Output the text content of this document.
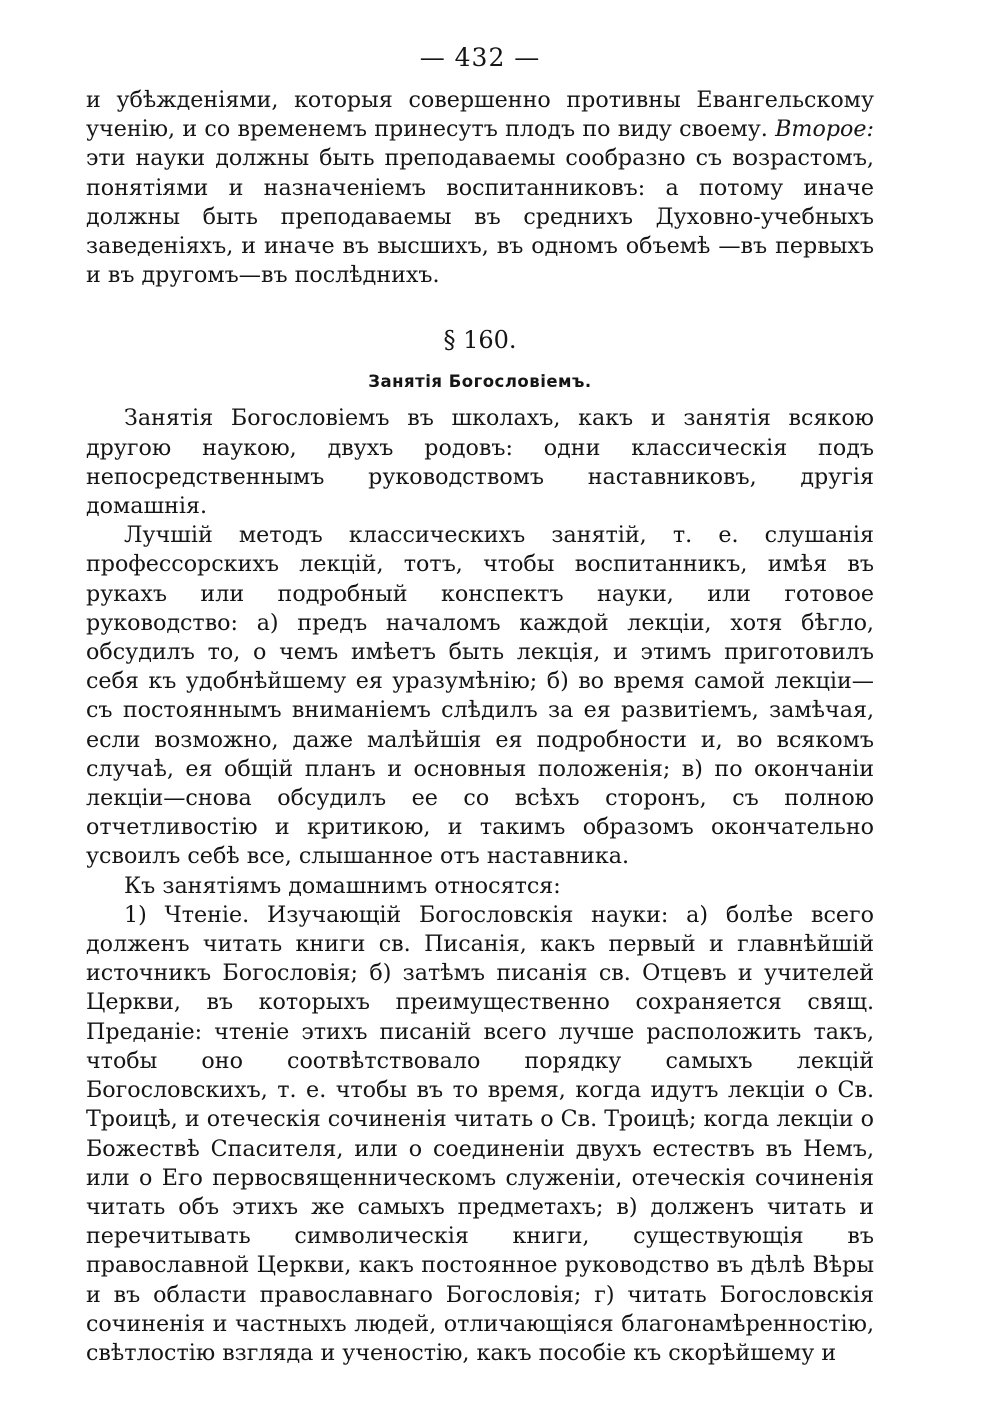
— 432 —

и убѣжденіями, которыя совершенно противны Евангельскому ученію, и со временемъ принесутъ плодъ по виду своему. Второе: эти науки должны быть преподаваемы сообразно съ возрастомъ, понятіями и назначеніемъ воспитанниковъ: а потому иначе должны быть преподаваемы въ среднихъ Духовно-учебныхъ заведеніяхъ, и иначе въ высшихъ, въ одномъ объемѣ —въ первыхъ и въ другомъ—въ послѣднихъ.

§ 160.
Занятія Богословіемъ.

Занятія Богословіемъ въ школахъ, какъ и занятія всякою другою наукою, двухъ родовъ: одни классическія подъ непосредственнымъ руководствомъ наставниковъ, другія домашнія.

Лучшій методъ классическихъ занятій, т. е. слушанія профессорскихъ лекцій, тотъ, чтобы воспитанникъ, имѣя въ рукахъ или подробный конспектъ науки, или готовое руководство: а) предъ началомъ каждой лекціи, хотя бѣгло, обсудилъ то, о чемъ имѣетъ быть лекція, и этимъ приготовилъ себя къ удобнѣйшему ея уразумѣнію; б) во время самой лекціи—съ постояннымъ вниманіемъ слѣдилъ за ея развитіемъ, замѣчая, если возможно, даже малѣйшія ея подробности и, во всякомъ случаѣ, ея общій планъ и основныя положенія; в) по окончаніи лекціи—снова обсудилъ ее со всѣхъ сторонъ, съ полною отчетливостію и критикою, и такимъ образомъ окончательно усвоилъ себѣ все, слышанное отъ наставника.

Къ занятіямъ домашнимъ относятся:

1) Чтеніе. Изучающій Богословскія науки: а) болѣе всего долженъ читать книги св. Писанія, какъ первый и главнѣйшій источникъ Богословія; б) затѣмъ писанія св. Отцевъ и учителей Церкви, въ которыхъ преимущественно сохраняется свящ. Преданіе: чтеніе этихъ писаній всего лучше расположить такъ, чтобы оно соотвѣтствовало порядку самыхъ лекцій Богословскихъ, т. е. чтобы въ то время, когда идутъ лекціи о Св. Троицѣ, и отеческія сочиненія читать о Св. Троицѣ; когда лекціи о Божествѣ Спасителя, или о соединеніи двухъ естествъ въ Немъ, или о Его первосвященническомъ служеніи, отеческія сочиненія читать объ этихъ же самыхъ предметахъ; в) долженъ читать и перечитывать символическія книги, существующія въ православной Церкви, какъ постоянное руководство въ дѣлѣ Вѣры и въ области православнаго Богословія; г) читать Богословскія сочиненія и частныхъ людей, отличающіяся благонамѣренностію, свѣтлостію взгляда и ученостію, какъ пособіе къ скорѣйшему и
